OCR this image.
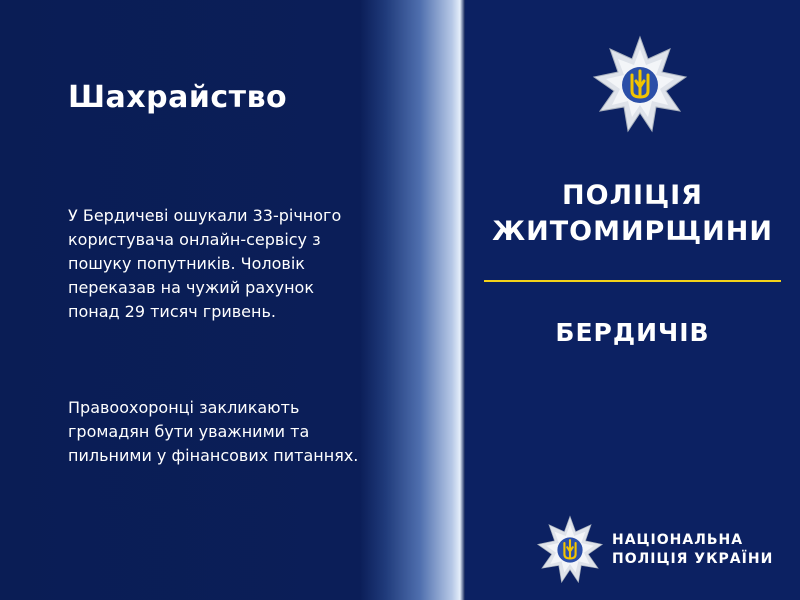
Шахрайство

У Бердичеві ошукали 33-річного користувача онлайн-сервісу з пошуку попутників. Чоловік переказав на чужий рахунок понад 29 тисяч гривень.

Правоохоронці закликають громадян бути уважними та пильними у фінансових питаннях.

ПОЛІЦІЯ
ЖИТОМИРЩИНИ
БЕРДИЧІВ
НАЦІОНАЛЬНА
ПОЛІЦІЯ УКРАЇНИ
